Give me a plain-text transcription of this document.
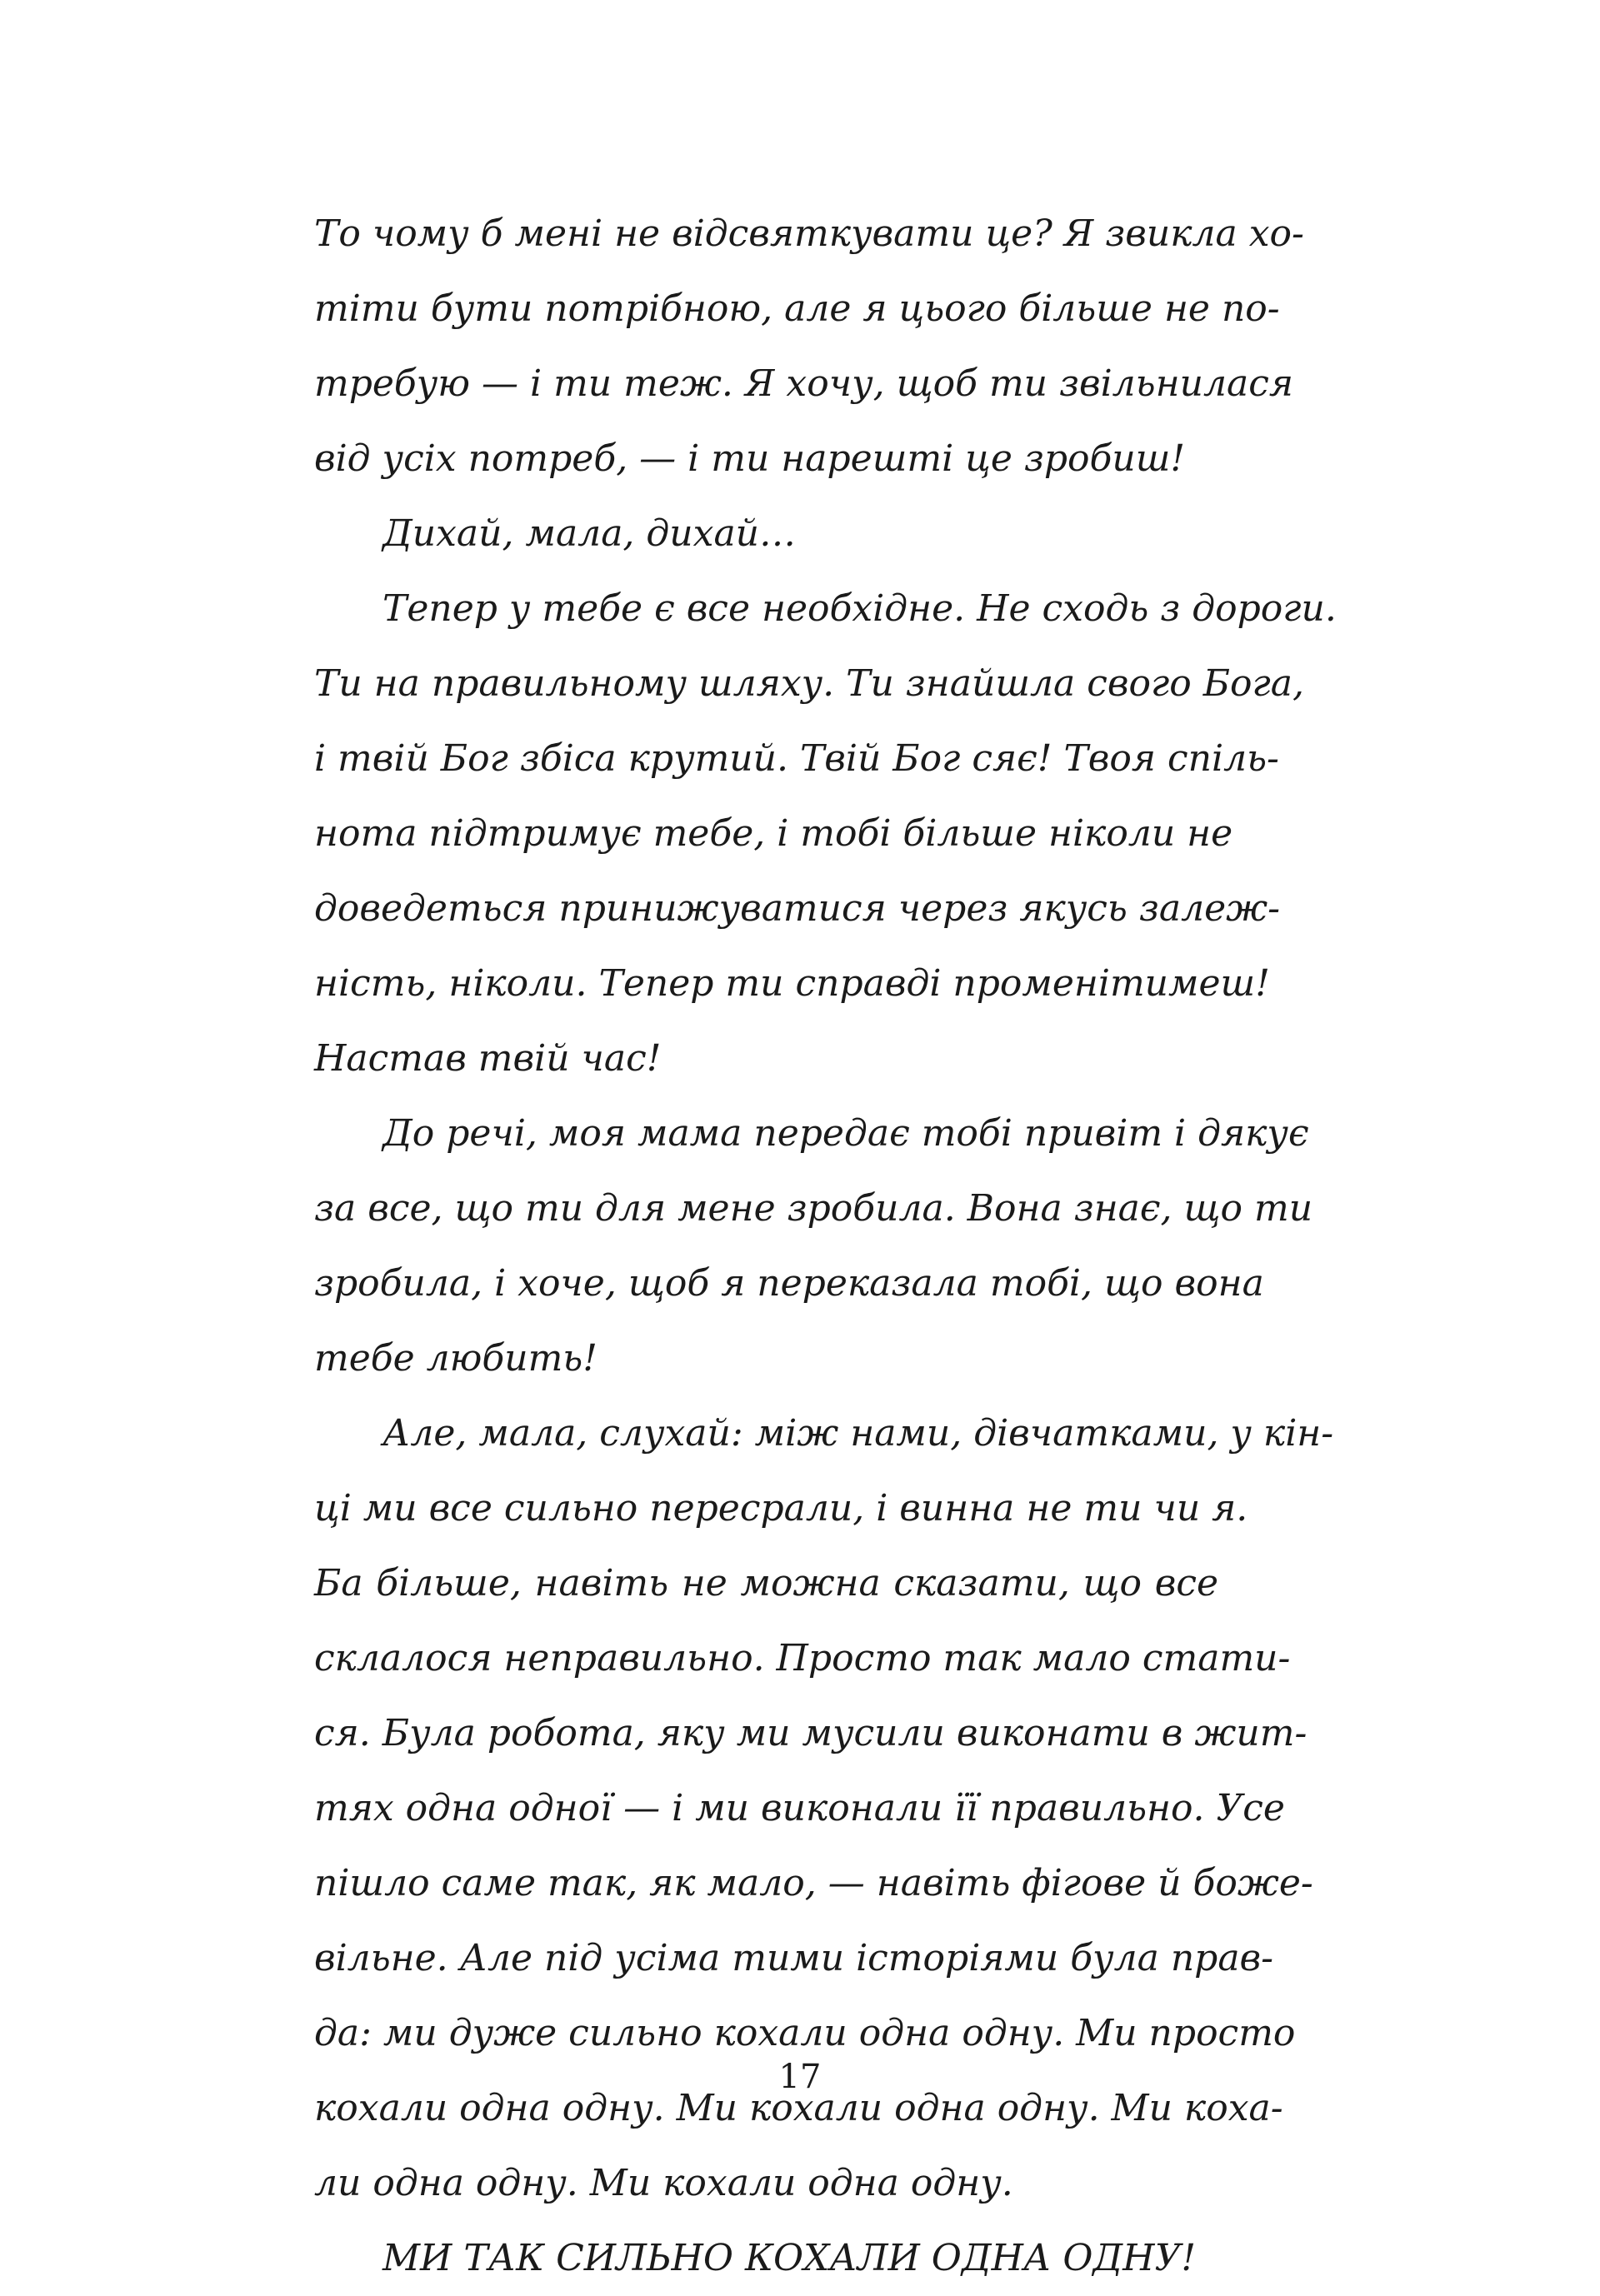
То чому б мені не відсвяткувати це? Я звикла хо-
тіти бути потрібною, але я цього більше не по-
требую — і ти теж. Я хочу, щоб ти звільнилася
від усіх потреб, — і ти нарешті це зробиш!
Дихай, мала, дихай…
Тепер у тебе є все необхідне. Не сходь з дороги.
Ти на правильному шляху. Ти знайшла свого Бога,
і твій Бог збіса крутий. Твій Бог сяє! Твоя спіль-
нота підтримує тебе, і тобі більше ніколи не
доведеться принижуватися через якусь залеж-
ність, ніколи. Тепер ти справді променітимеш!
Настав твій час!
До речі, моя мама передає тобі привіт і дякує
за все, що ти для мене зробила. Вона знає, що ти
зробила, і хоче, щоб я переказала тобі, що вона
тебе любить!
Але, мала, слухай: між нами, дівчатками, у кін-
ці ми все сильно пересрали, і винна не ти чи я.
Ба більше, навіть не можна сказати, що все
склалося неправильно. Просто так мало стати-
ся. Була робота, яку ми мусили виконати в жит-
тях одна одної — і ми виконали її правильно. Усе
пішло саме так, як мало, — навіть фігове й боже-
вільне. Але під усіма тими історіями була прав-
да: ми дуже сильно кохали одна одну. Ми просто
кохали одна одну. Ми кохали одна одну. Ми коха-
ли одна одну. Ми кохали одна одну.
МИ ТАК СИЛЬНО КОХАЛИ ОДНА ОДНУ!
17
